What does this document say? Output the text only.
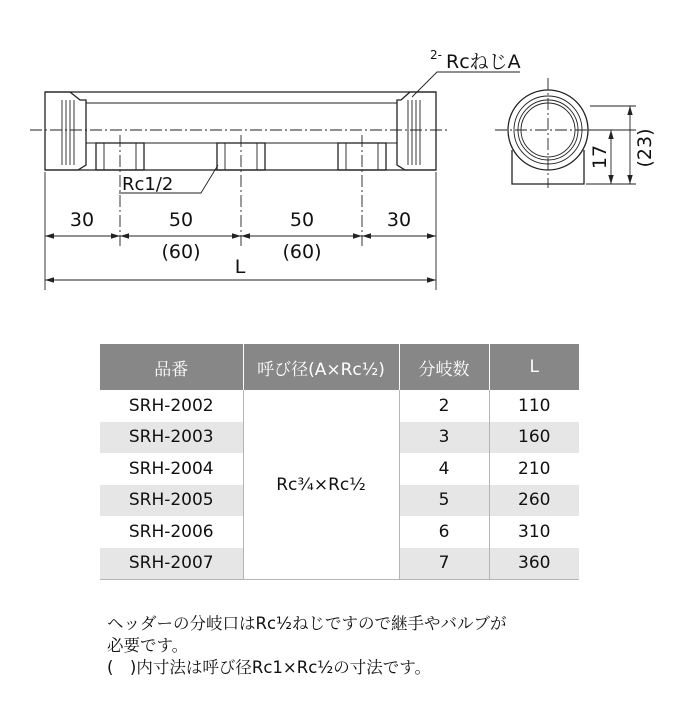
2- RcねじA
Rc1/2
30	50	50	30
(60)	(60)
L
17 (23)
品番	呼び径(A×Rc½)	分岐数	L
SRH-2002	Rc¾×Rc½	2	110
SRH-2003		3	160
SRH-2004		4	210
SRH-2005		5	260
SRH-2006		6	310
SRH-2007		7	360

ヘッダーの分岐口はRc½ねじですので継手やバルブが

必要です。

(　)内寸法は呼び径Rc1×Rc½の寸法です。
